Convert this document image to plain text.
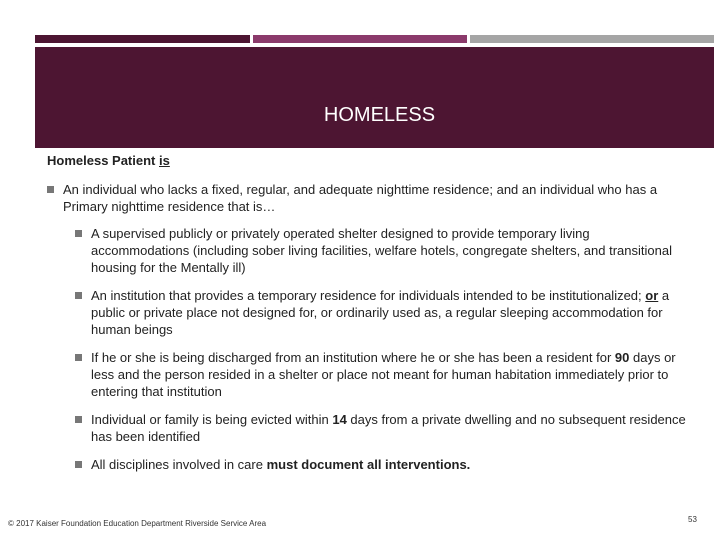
HOMELESS
Homeless Patient is
An individual who lacks a fixed, regular, and adequate nighttime residence; and an individual who has a Primary nighttime residence that is…
A supervised publicly or privately operated shelter designed to provide temporary living accommodations (including sober living facilities, welfare hotels, congregate shelters, and transitional housing for the Mentally ill)
An institution that provides a temporary residence for individuals intended to be institutionalized; or a public or private place not designed for, or ordinarily used as, a regular sleeping accommodation for human beings
If he or she is being discharged from an institution where he or she has been a resident for 90 days or less and the person resided in a shelter or place not meant for human habitation immediately prior to entering that institution
Individual or family is being evicted within 14 days from a private dwelling and no subsequent residence has been identified
All disciplines involved in care must document all interventions.
© 2017 Kaiser Foundation Education Department Riverside Service Area	53
